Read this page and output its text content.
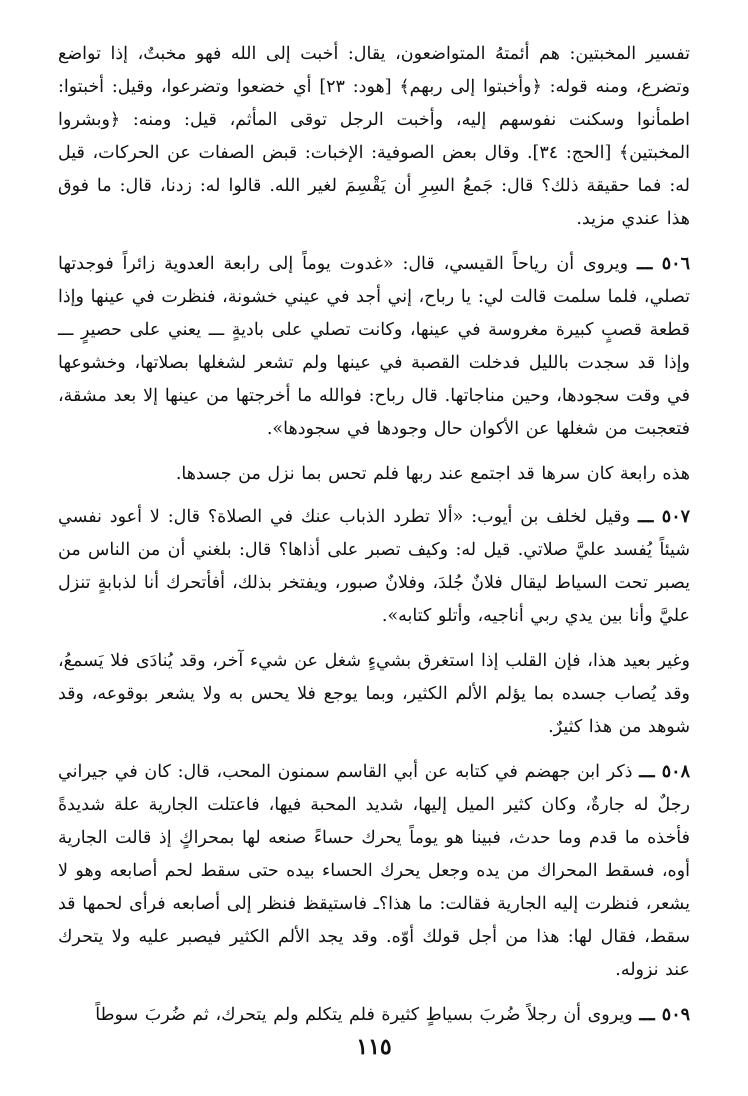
تفسير المخبتين: هم أئمتهُ المتواضعون، يقال: أخبت إلى الله فهو مخبتٌ، إذا تواضع وتضرع، ومنه قوله: ﴿وأخبتوا إلى ربهم﴾ [هود: ٢٣] أي خضعوا وتضرعوا، وقيل: أخبتوا: اطمأنوا وسكنت نفوسهم إليه، وأخبت الرجل توقى المأثم، قيل: ومنه: ﴿وبشروا المخبتين﴾ [الحج: ٣٤]. وقال بعض الصوفية: الإخبات: قبض الصفات عن الحركات، قيل له: فما حقيقة ذلك؟ قال: جَمعُ السِرِ أن يَقْسِمَ لغير الله. قالوا له: زدنا، قال: ما فوق هذا عندي مزيد.

٥٠٦ ـــ ويروى أن رياحاً القيسي، قال: «غدوت يوماً إلى رابعة العدوية زائراً فوجدتها تصلي، فلما سلمت قالت لي: يا رباح، إني أجد في عيني خشونة، فنظرت في عينها وإذا قطعة قصبٍ كبيرة مغروسة في عينها، وكانت تصلي على باديةٍ ـــ يعني على حصيرٍ ـــ وإذا قد سجدت بالليل فدخلت القصبة في عينها ولم تشعر لشغلها بصلاتها، وخشوعها في وقت سجودها، وحين مناجاتها. قال رباح: فوالله ما أخرجتها من عينها إلا بعد مشقة، فتعجبت من شغلها عن الأكوان حال وجودها في سجودها».

هذه رابعة كان سرها قد اجتمع عند ربها فلم تحس بما نزل من جسدها.

٥٠٧ ـــ وقيل لخلف بن أيوب: «ألا تطرد الذباب عنك في الصلاة؟ قال: لا أعود نفسي شيئاً يُفسد عليَّ صلاتي. قيل له: وكيف تصبر على أذاها؟ قال: بلغني أن من الناس من يصبر تحت السياط ليقال فلانٌ جُلدَ، وفلانٌ صبور، ويفتخر بذلك، أفأتحرك أنا لذبابةٍ تنزل عليَّ وأنا بين يدي ربي أناجيه، وأتلو كتابه».

وغير بعيد هذا، فإن القلب إذا استغرق بشيءٍ شغل عن شيء آخر، وقد يُنادَى فلا يَسمعُ، وقد يُصاب جسده بما يؤلم الألم الكثير، وبما يوجع فلا يحس به ولا يشعر بوقوعه، وقد شوهد من هذا كثيرٌ.

٥٠٨ ـــ ذكر ابن جهضم في كتابه عن أبي القاسم سمنون المحب، قال: كان في جيراني رجلٌ له جارةٌ، وكان كثير الميل إليها، شديد المحبة فيها، فاعتلت الجارية علة شديدةً فأخذه ما قدم وما حدث، فبينا هو يوماً يحرك حساءً صنعه لها بمحراكٍ إذ قالت الجارية أوه، فسقط المحراك من يده وجعل يحرك الحساء بيده حتى سقط لحم أصابعه وهو لا يشعر، فنظرت إليه الجارية فقالت: ما هذا؟ـ فاستيقظ فنظر إلى أصابعه فرأى لحمها قد سقط، فقال لها: هذا من أجل قولك أوّه. وقد يجد الألم الكثير فيصبر عليه ولا يتحرك عند نزوله.

٥٠٩ ـــ ويروى أن رجلاً ضُربَ بسياطٍ كثيرة فلم يتكلم ولم يتحرك، ثم ضُربَ سوطاً

١١٥
